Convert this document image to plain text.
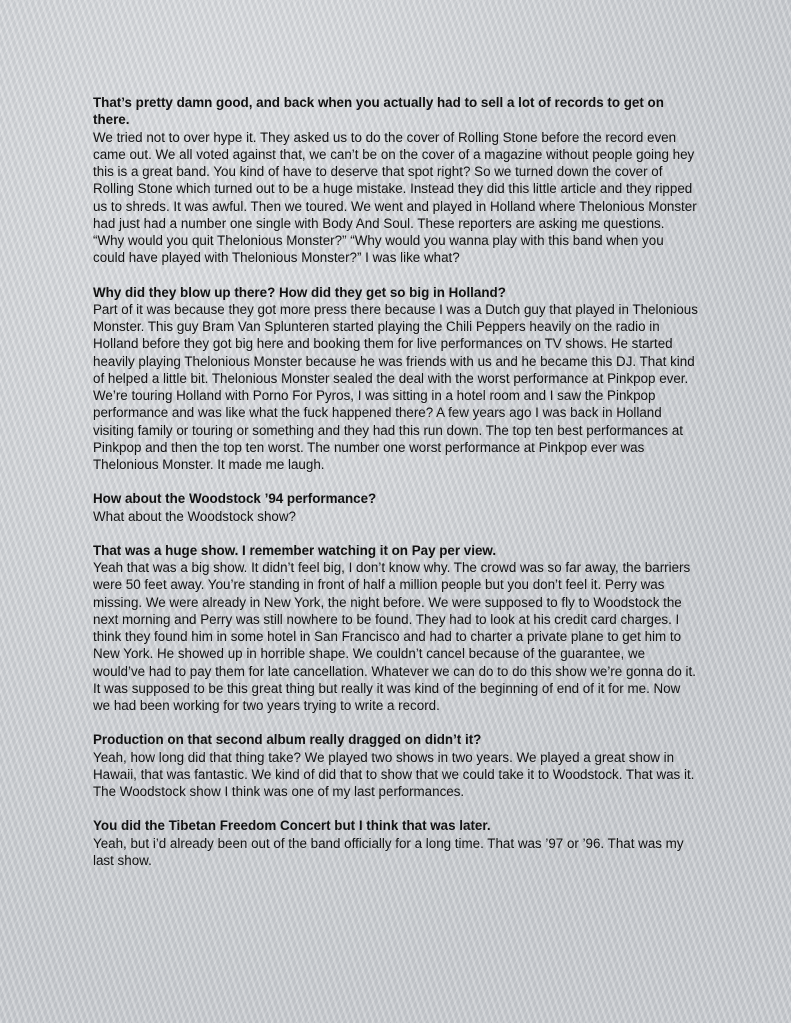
That’s pretty damn good, and back when you actually had to sell a lot of records to get on there.

We tried not to over hype it. They asked us to do the cover of Rolling Stone before the record even came out. We all voted against that, we can’t be on the cover of a magazine without people going hey this is a great band. You kind of have to deserve that spot right? So we turned down the cover of Rolling Stone which turned out to be a huge mistake. Instead they did this little article and they ripped us to shreds. It was awful. Then we toured. We went and played in Holland where Thelonious Monster had just had a number one single with Body And Soul. These reporters are asking me questions. “Why would you quit Thelonious Monster?” “Why would you wanna play with this band when you could have played with Thelonious Monster?” I was like what?

Why did they blow up there? How did they get so big in Holland?

Part of it was because they got more press there because I was a Dutch guy that played in Thelonious Monster. This guy Bram Van Splunteren started playing the Chili Peppers heavily on the radio in Holland before they got big here and booking them for live performances on TV shows. He started heavily playing Thelonious Monster because he was friends with us and he became this DJ. That kind of helped a little bit. Thelonious Monster sealed the deal with the worst performance at Pinkpop ever. We’re touring Holland with Porno For Pyros, I was sitting in a hotel room and I saw the Pinkpop performance and was like what the fuck happened there? A few years ago I was back in Holland visiting family or touring or something and they had this run down. The top ten best performances at Pinkpop and then the top ten worst. The number one worst performance at Pinkpop ever was Thelonious Monster. It made me laugh.

How about the Woodstock ’94 performance?

What about the Woodstock show?

That was a huge show. I remember watching it on Pay per view.

Yeah that was a big show. It didn’t feel big, I don’t know why. The crowd was so far away, the barriers were 50 feet away. You’re standing in front of half a million people but you don’t feel it. Perry was missing. We were already in New York, the night before. We were supposed to fly to Woodstock the next morning and Perry was still nowhere to be found. They had to look at his credit card charges. I think they found him in some hotel in San Francisco and had to charter a private plane to get him to New York. He showed up in horrible shape. We couldn’t cancel because of the guarantee, we would’ve had to pay them for late cancellation. Whatever we can do to do this show we’re gonna do it. It was supposed to be this great thing but really it was kind of the beginning of end of it for me. Now we had been working for two years trying to write a record.

Production on that second album really dragged on didn’t it?

Yeah, how long did that thing take? We played two shows in two years. We played a great show in Hawaii, that was fantastic. We kind of did that to show that we could take it to Woodstock. That was it. The Woodstock show I think was one of my last performances.

You did the Tibetan Freedom Concert but I think that was later.

Yeah, but i’d already been out of the band officially for a long time. That was ’97 or ’96. That was my last show.
